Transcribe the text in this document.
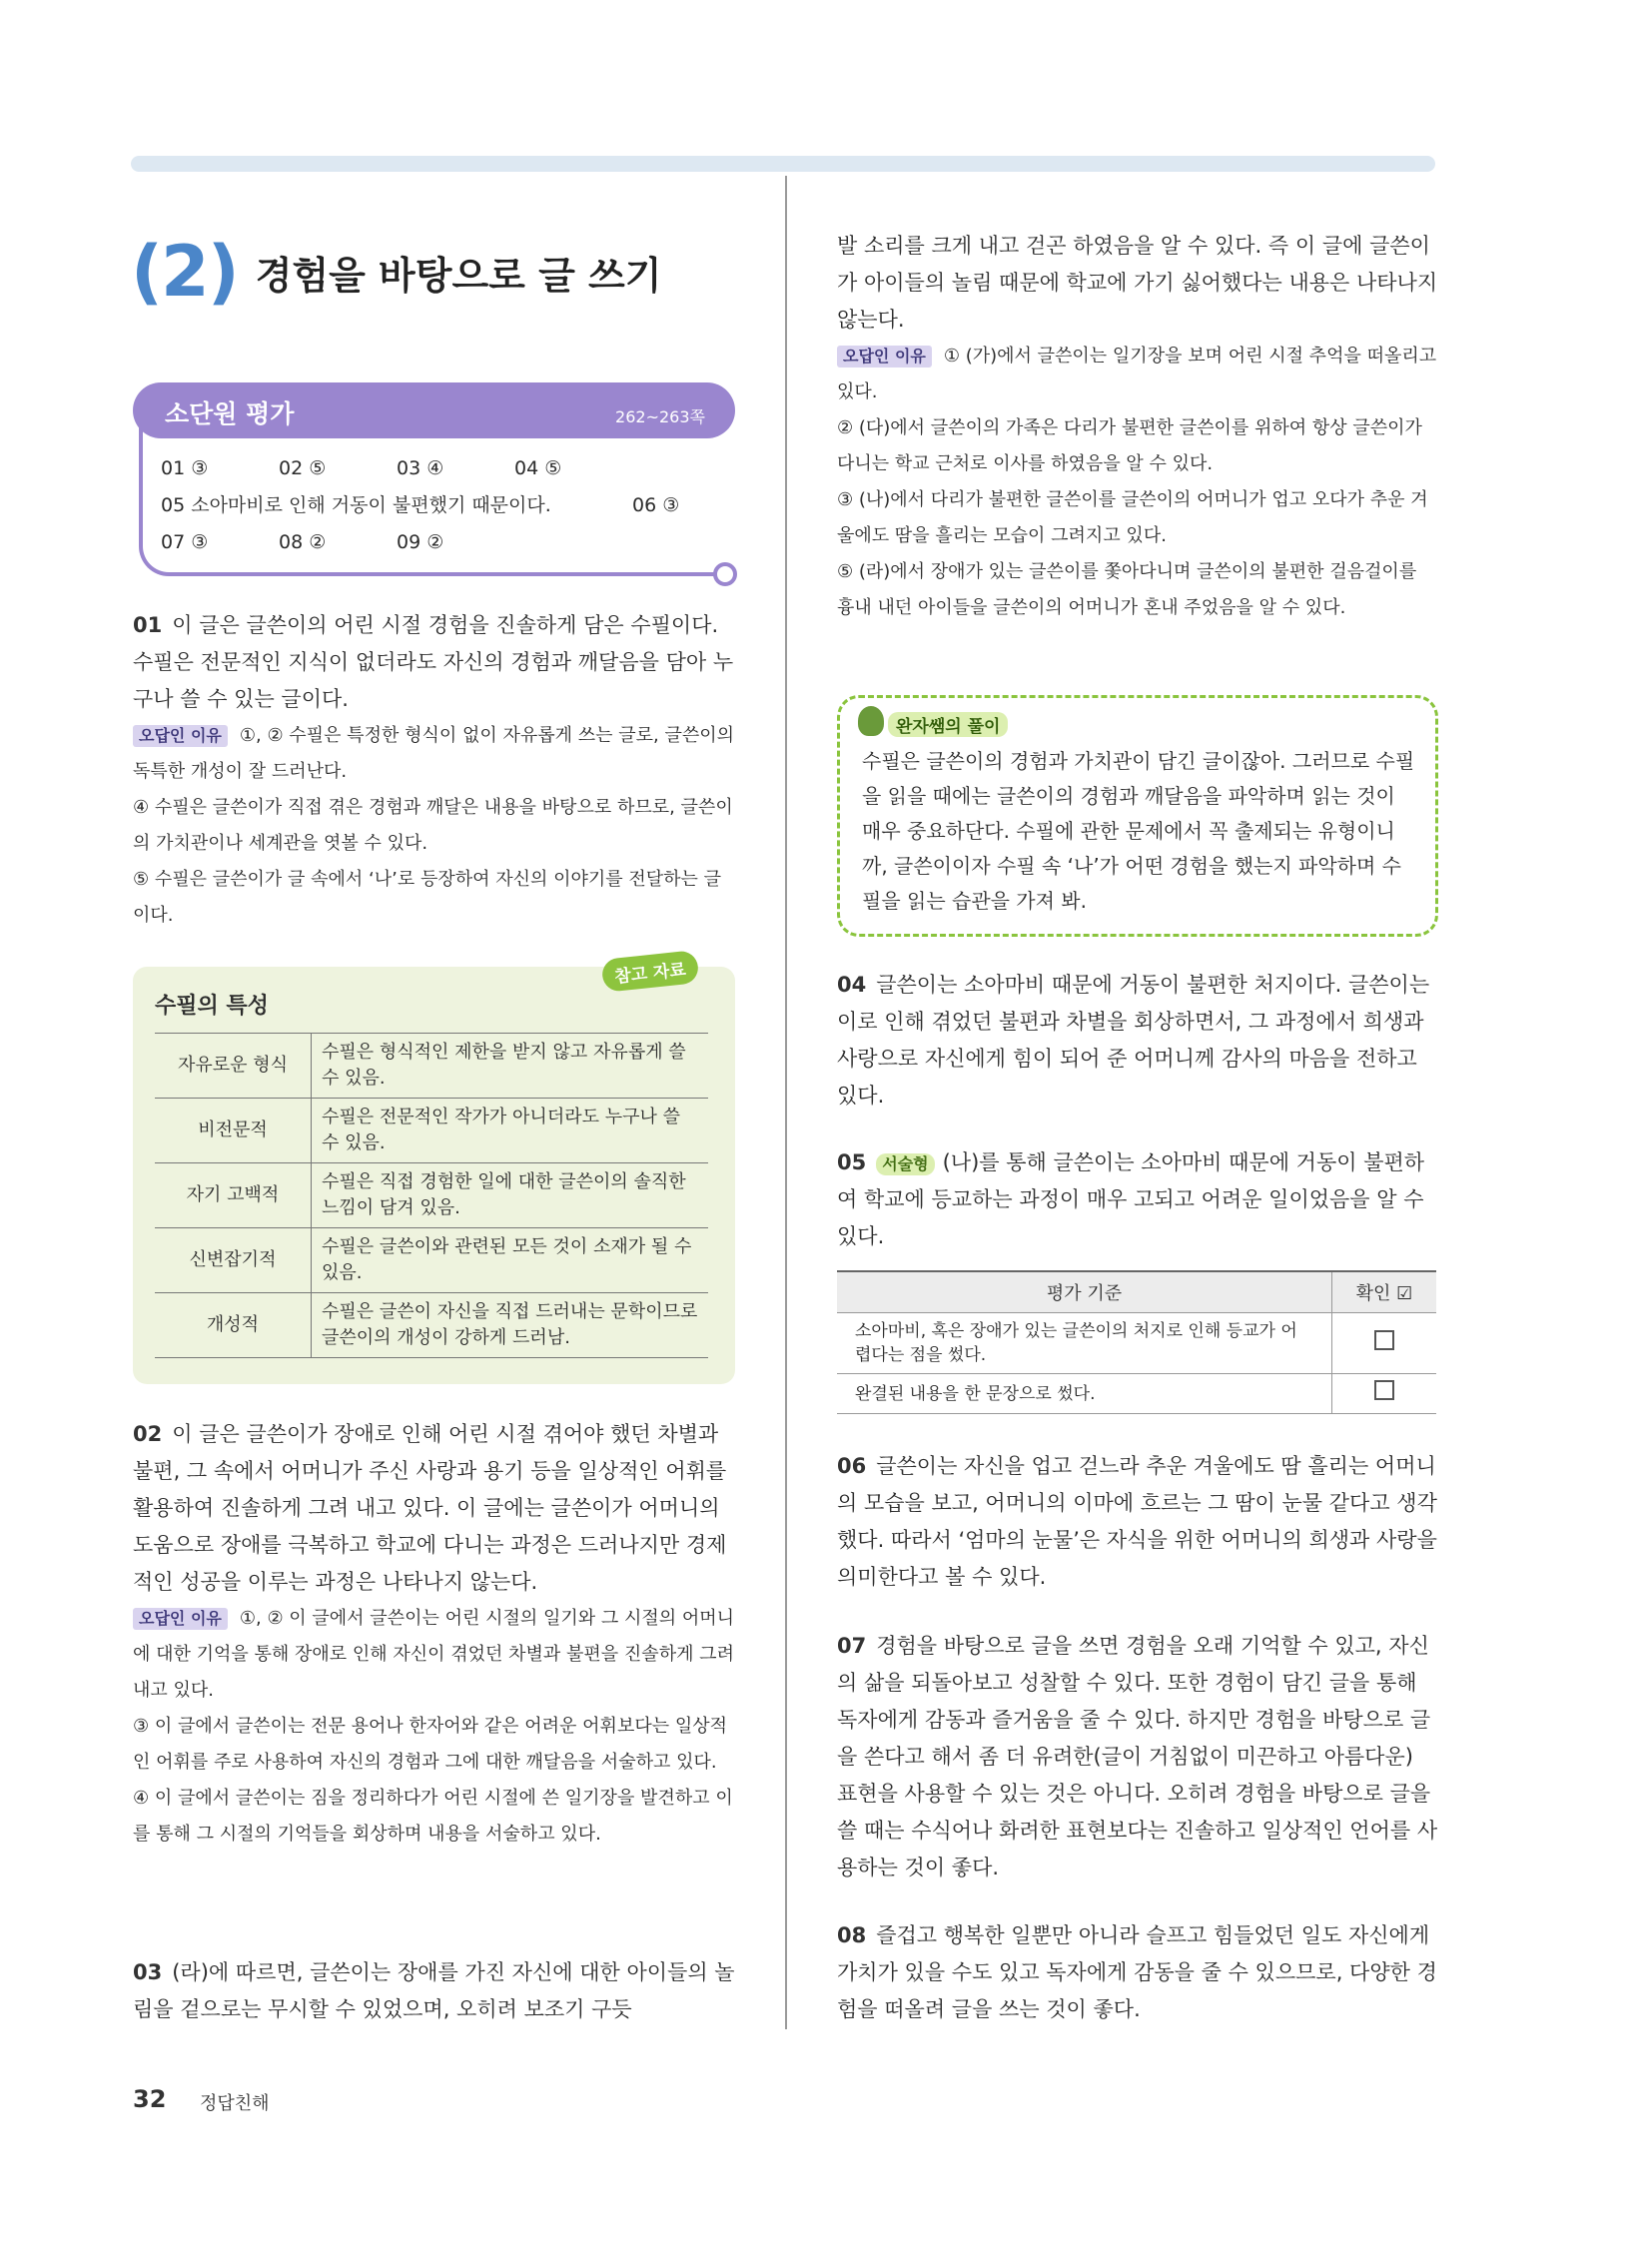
(2) 경험을 바탕으로 글 쓰기
소단원 평가	262~263쪽
01 ③	02 ⑤	03 ④	04 ⑤
05 소아마비로 인해 거동이 불편했기 때문이다.	06 ③
07 ③	08 ②	09 ②

01 이 글은 글쓴이의 어린 시절 경험을 진솔하게 담은 수필이다. 수필은 전문적인 지식이 없더라도 자신의 경험과 깨달음을 담아 누구나 쓸 수 있는 글이다.

오답인 이유 ①, ② 수필은 특정한 형식이 없이 자유롭게 쓰는 글로, 글쓴이의 독특한 개성이 잘 드러난다.

④ 수필은 글쓴이가 직접 겪은 경험과 깨달은 내용을 바탕으로 하므로, 글쓴이의 가치관이나 세계관을 엿볼 수 있다.

⑤ 수필은 글쓴이가 글 속에서 ‘나’로 등장하여 자신의 이야기를 전달하는 글이다.

참고 자료
수필의 특성
자유로운 형식	수필은 형식적인 제한을 받지 않고 자유롭게 쓸 수 있음.
비전문적	수필은 전문적인 작가가 아니더라도 누구나 쓸 수 있음.
자기 고백적	수필은 직접 경험한 일에 대한 글쓴이의 솔직한 느낌이 담겨 있음.
신변잡기적	수필은 글쓴이와 관련된 모든 것이 소재가 될 수 있음.
개성적	수필은 글쓴이 자신을 직접 드러내는 문학이므로 글쓴이의 개성이 강하게 드러남.

02 이 글은 글쓴이가 장애로 인해 어린 시절 겪어야 했던 차별과 불편, 그 속에서 어머니가 주신 사랑과 용기 등을 일상적인 어휘를 활용하여 진솔하게 그려 내고 있다. 이 글에는 글쓴이가 어머니의 도움으로 장애를 극복하고 학교에 다니는 과정은 드러나지만 경제적인 성공을 이루는 과정은 나타나지 않는다.

오답인 이유 ①, ② 이 글에서 글쓴이는 어린 시절의 일기와 그 시절의 어머니에 대한 기억을 통해 장애로 인해 자신이 겪었던 차별과 불편을 진솔하게 그려 내고 있다.

③ 이 글에서 글쓴이는 전문 용어나 한자어와 같은 어려운 어휘보다는 일상적인 어휘를 주로 사용하여 자신의 경험과 그에 대한 깨달음을 서술하고 있다.

④ 이 글에서 글쓴이는 짐을 정리하다가 어린 시절에 쓴 일기장을 발견하고 이를 통해 그 시절의 기억들을 회상하며 내용을 서술하고 있다.

03 (라)에 따르면, 글쓴이는 장애를 가진 자신에 대한 아이들의 놀림을 겉으로는 무시할 수 있었으며, 오히려 보조기 구듯

발 소리를 크게 내고 걷곤 하였음을 알 수 있다. 즉 이 글에 글쓴이가 아이들의 놀림 때문에 학교에 가기 싫어했다는 내용은 나타나지 않는다.

오답인 이유 ① (가)에서 글쓴이는 일기장을 보며 어린 시절 추억을 떠올리고 있다.

② (다)에서 글쓴이의 가족은 다리가 불편한 글쓴이를 위하여 항상 글쓴이가 다니는 학교 근처로 이사를 하였음을 알 수 있다.

③ (나)에서 다리가 불편한 글쓴이를 글쓴이의 어머니가 업고 오다가 추운 겨울에도 땀을 흘리는 모습이 그려지고 있다.

⑤ (라)에서 장애가 있는 글쓴이를 쫓아다니며 글쓴이의 불편한 걸음걸이를 흉내 내던 아이들을 글쓴이의 어머니가 혼내 주었음을 알 수 있다.

완자쌤의 풀이
수필은 글쓴이의 경험과 가치관이 담긴 글이잖아. 그러므로 수필을 읽을 때에는 글쓴이의 경험과 깨달음을 파악하며 읽는 것이 매우 중요하단다. 수필에 관한 문제에서 꼭 출제되는 유형이니까, 글쓴이이자 수필 속 ‘나’가 어떤 경험을 했는지 파악하며 수필을 읽는 습관을 가져 봐.

04 글쓴이는 소아마비 때문에 거동이 불편한 처지이다. 글쓴이는 이로 인해 겪었던 불편과 차별을 회상하면서, 그 과정에서 희생과 사랑으로 자신에게 힘이 되어 준 어머니께 감사의 마음을 전하고 있다.

05 서술형 (나)를 통해 글쓴이는 소아마비 때문에 거동이 불편하여 학교에 등교하는 과정이 매우 고되고 어려운 일이었음을 알 수 있다.

평가 기준	확인 ☑
소아마비, 혹은 장애가 있는 글쓴이의 처지로 인해 등교가 어렵다는 점을 썼다.	
완결된 내용을 한 문장으로 썼다.	

06 글쓴이는 자신을 업고 걷느라 추운 겨울에도 땀 흘리는 어머니의 모습을 보고, 어머니의 이마에 흐르는 그 땀이 눈물 같다고 생각했다. 따라서 ‘엄마의 눈물’은 자식을 위한 어머니의 희생과 사랑을 의미한다고 볼 수 있다.

07 경험을 바탕으로 글을 쓰면 경험을 오래 기억할 수 있고, 자신의 삶을 되돌아보고 성찰할 수 있다. 또한 경험이 담긴 글을 통해 독자에게 감동과 즐거움을 줄 수 있다. 하지만 경험을 바탕으로 글을 쓴다고 해서 좀 더 유려한(글이 거침없이 미끈하고 아름다운) 표현을 사용할 수 있는 것은 아니다. 오히려 경험을 바탕으로 글을 쓸 때는 수식어나 화려한 표현보다는 진솔하고 일상적인 언어를 사용하는 것이 좋다.

08 즐겁고 행복한 일뿐만 아니라 슬프고 힘들었던 일도 자신에게 가치가 있을 수도 있고 독자에게 감동을 줄 수 있으므로, 다양한 경험을 떠올려 글을 쓰는 것이 좋다.

32 정답친해
